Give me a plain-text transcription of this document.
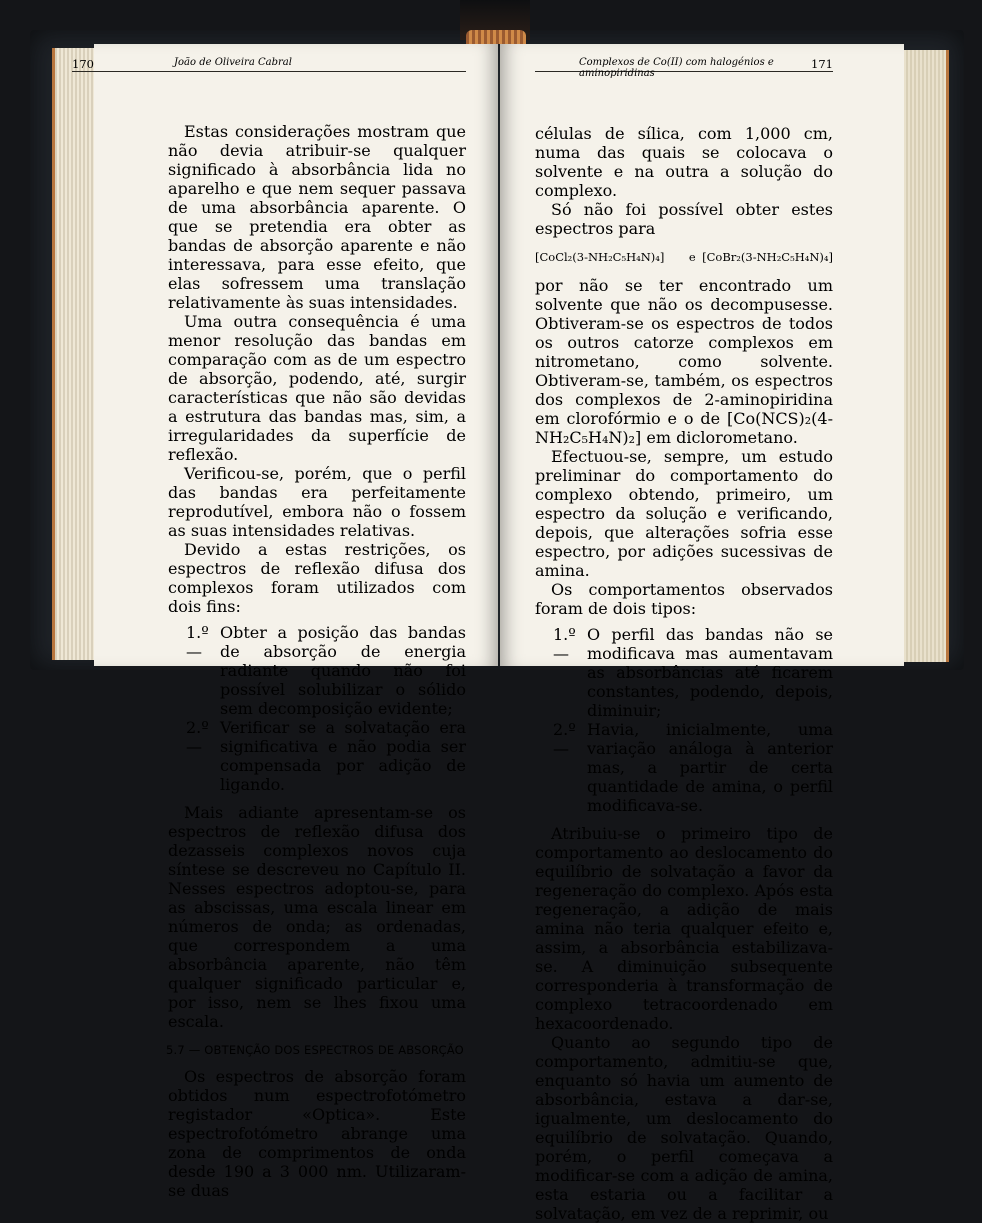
170	João de Oliveira Cabral	Complexos de Co(II) com halogénios e aminopiridinas
171

Estas considerações mostram que não devia atribuir-se qualquer significado à absorbância lida no aparelho e que nem sequer passava de uma absorbância aparente. O que se pretendia era obter as bandas de absorção aparente e não interessava, para esse efeito, que elas sofressem uma translação relativamente às suas intensidades.

Uma outra consequência é uma menor resolução das bandas em comparação com as de um espectro de absorção, podendo, até, surgir características que não são devidas a estrutura das bandas mas, sim, a irregularidades da superfície de reflexão.

Verificou-se, porém, que o perfil das bandas era perfeitamente reprodutível, embora não o fossem as suas intensidades relativas.

Devido a estas restrições, os espectros de reflexão difusa dos complexos foram utilizados com dois fins:

1.º —
Obter a posição das bandas de absorção de energia radiante quando não foi possível solubilizar o sólido sem decomposição evidente;
2.º —
Verificar se a solvatação era significativa e não podia ser compensada por adição de ligando.

Mais adiante apresentam-se os espectros de reflexão difusa dos dezasseis complexos novos cuja síntese se descreveu no Capítulo II. Nesses espectros adoptou-se, para as abscissas, uma escala linear em números de onda; as ordenadas, que correspondem a uma absorbância aparente, não têm qualquer significado particular e, por isso, nem se lhes fixou uma escala.

5.7 — OBTENÇÃO DOS ESPECTROS DE ABSORÇÃO

Os espectros de absorção foram obtidos num espectrofotómetro registador «Optica». Este espectrofotómetro abrange uma zona de comprimentos de onda desde 190 a 3 000 nm. Utilizaram-se duas

células de sílica, com 1,000 cm, numa das quais se colocava o solvente e na outra a solução do complexo.

Só não foi possível obter estes espectros para

[CoCl₂(3-NH₂C₅H₄N)₄] e [CoBr₂(3-NH₂C₅H₄N)₄]

por não se ter encontrado um solvente que não os decompusesse. Obtiveram-se os espectros de todos os outros catorze complexos em nitrometano, como solvente. Obtiveram-se, também, os espectros dos complexos de 2-aminopiridina em clorofórmio e o de [Co(NCS)₂(4-NH₂C₅H₄N)₂] em diclorometano.

Efectuou-se, sempre, um estudo preliminar do comportamento do complexo obtendo, primeiro, um espectro da solução e verificando, depois, que alterações sofria esse espectro, por adições sucessivas de amina.

Os comportamentos observados foram de dois tipos:

1.º —
O perfil das bandas não se modificava mas aumentavam as absorbâncias até ficarem constantes, podendo, depois, diminuir;
2.º —
Havia, inicialmente, uma variação análoga à anterior mas, a partir de certa quantidade de amina, o perfil modificava-se.

Atribuiu-se o primeiro tipo de comportamento ao deslocamento do equilíbrio de solvatação a favor da regeneração do complexo. Após esta regeneração, a adição de mais amina não teria qualquer efeito e, assim, a absorbância estabilizava-se. A diminuição subsequente corresponderia à transformação de complexo tetracoordenado em hexacoordenado.

Quanto ao segundo tipo de comportamento, admitiu-se que, enquanto só havia um aumento de absorbância, estava a dar-se, igualmente, um deslocamento do equilíbrio de solvatação. Quando, porém, o perfil começava a modificar-se com a adição de amina, esta estaria ou a facilitar a solvatação, em vez de a reprimir, ou
